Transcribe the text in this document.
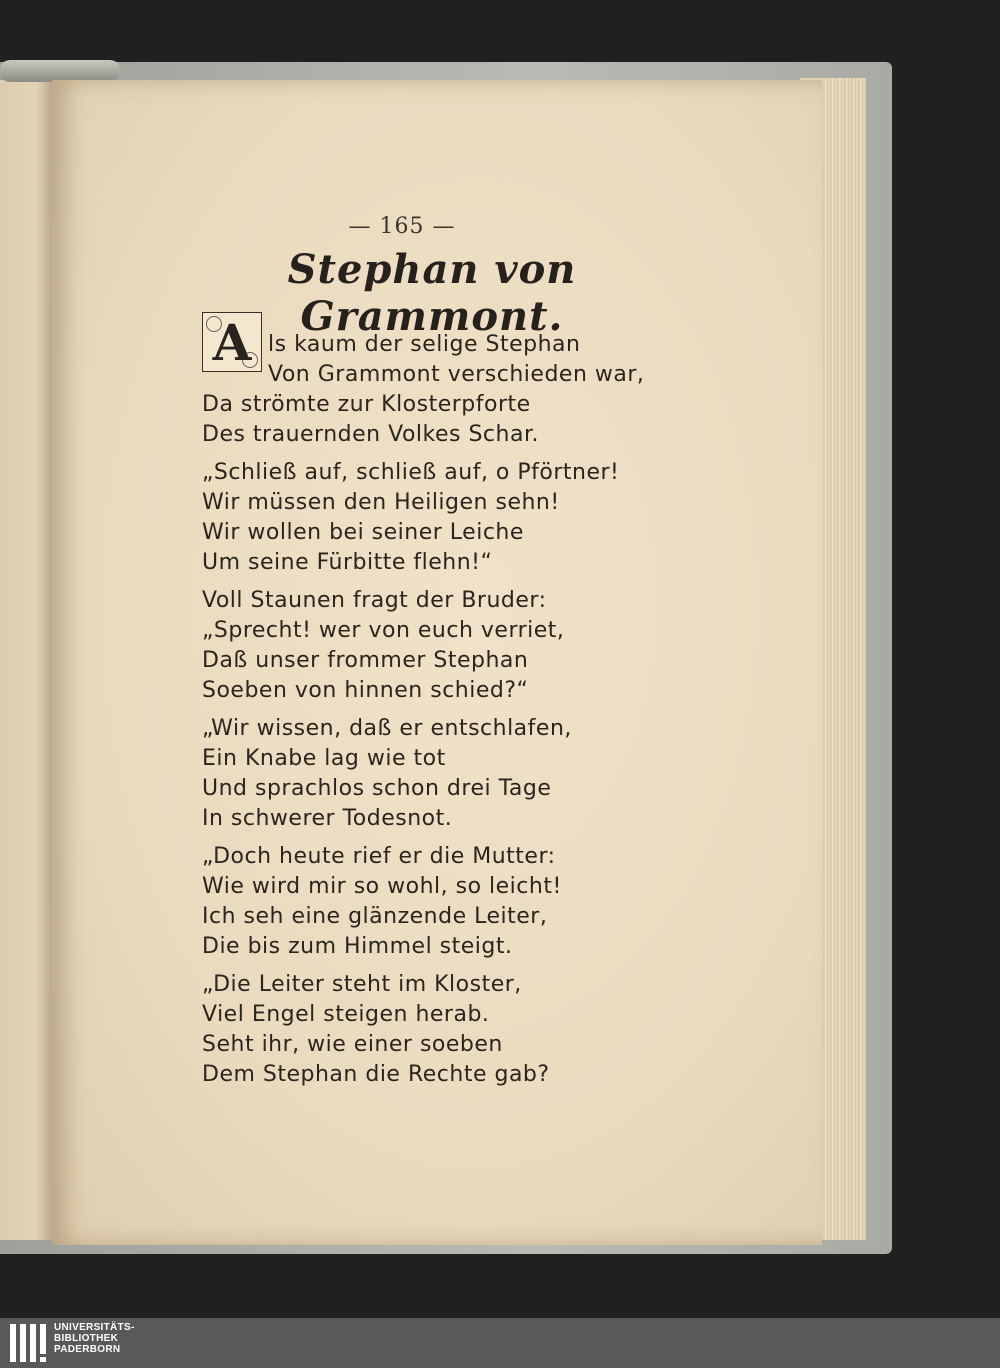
— 165 —
Stephan von Grammont.
A ls kaum der selige Stephan
Von Grammont verschieden war,
Da strömte zur Klosterpforte
Des trauernden Volkes Schar.
„Schließ auf, schließ auf, o Pförtner!
Wir müssen den Heiligen sehn!
Wir wollen bei seiner Leiche
Um seine Fürbitte flehn!“
Voll Staunen fragt der Bruder:
„Sprecht! wer von euch verriet,
Daß unser frommer Stephan
Soeben von hinnen schied?“
„Wir wissen, daß er entschlafen,
Ein Knabe lag wie tot
Und sprachlos schon drei Tage
In schwerer Todesnot.
„Doch heute rief er die Mutter:
Wie wird mir so wohl, so leicht!
Ich seh eine glänzende Leiter,
Die bis zum Himmel steigt.
„Die Leiter steht im Kloster,
Viel Engel steigen herab.
Seht ihr, wie einer soeben
Dem Stephan die Rechte gab?
UNIVERSITÄTS-
BIBLIOTHEK
PADERBORN
